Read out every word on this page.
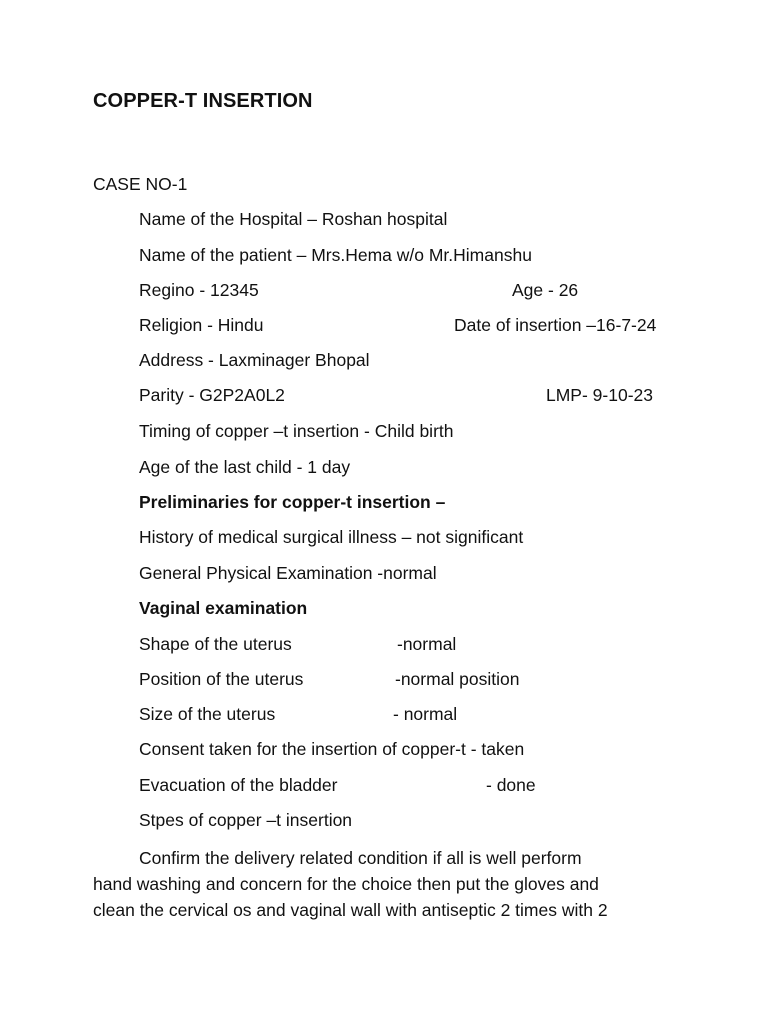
COPPER-T INSERTION
CASE NO-1
Name of the Hospital – Roshan hospital
Name of the patient – Mrs.Hema w/o Mr.Himanshu
Regino - 12345	Age - 26
Religion - Hindu	Date of insertion –16-7-24
Address - Laxminager Bhopal
Parity - G2P2A0L2	LMP- 9-10-23
Timing of copper –t insertion - Child birth
Age of the last child - 1 day
Preliminaries for copper-t insertion –
History of medical surgical illness – not significant
General Physical Examination -normal
Vaginal examination
Shape of the uterus	-normal
Position of the uterus	-normal position
Size of the uterus	- normal
Consent taken for the insertion of copper-t - taken
Evacuation of the bladder	- done
Stpes of copper –t insertion
Confirm the delivery related condition if all is well perform
hand washing and concern for the choice then put the gloves and
clean the cervical os and vaginal wall with antiseptic 2 times with 2
